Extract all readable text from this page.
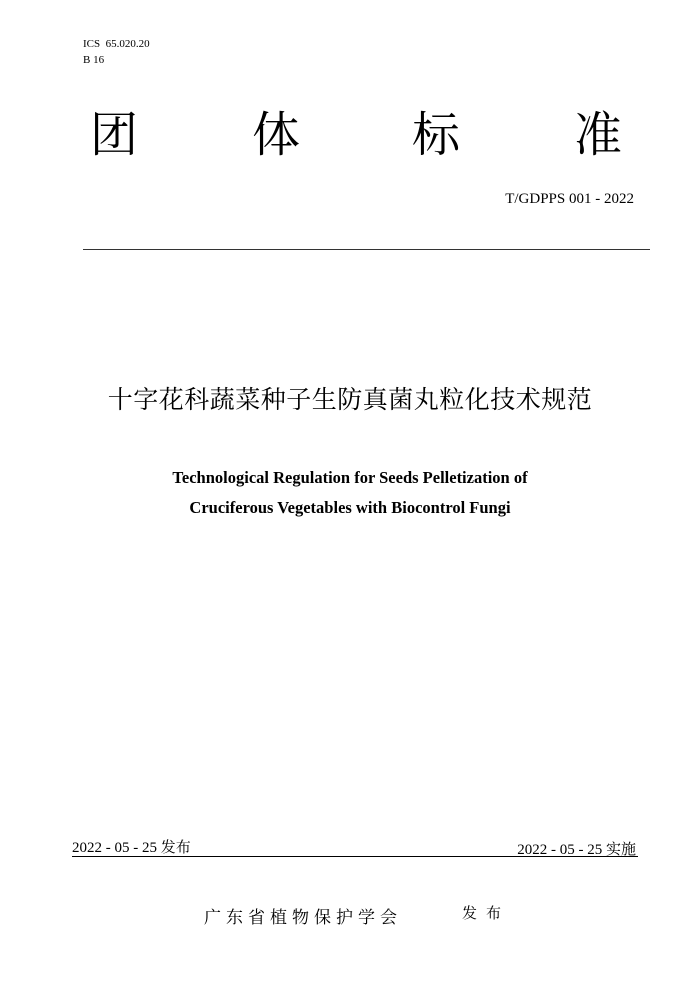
ICS  65.020.20
B 16
团 体 标 准
T/GDPPS 001 - 2022
十字花科蔬菜种子生防真菌丸粒化技术规范
Technological Regulation for Seeds Pelletization of
Cruciferous Vegetables with Biocontrol Fungi
2022 - 05 - 25 发布	2022 - 05 - 25 实施
广东省植物保护学会	发布
